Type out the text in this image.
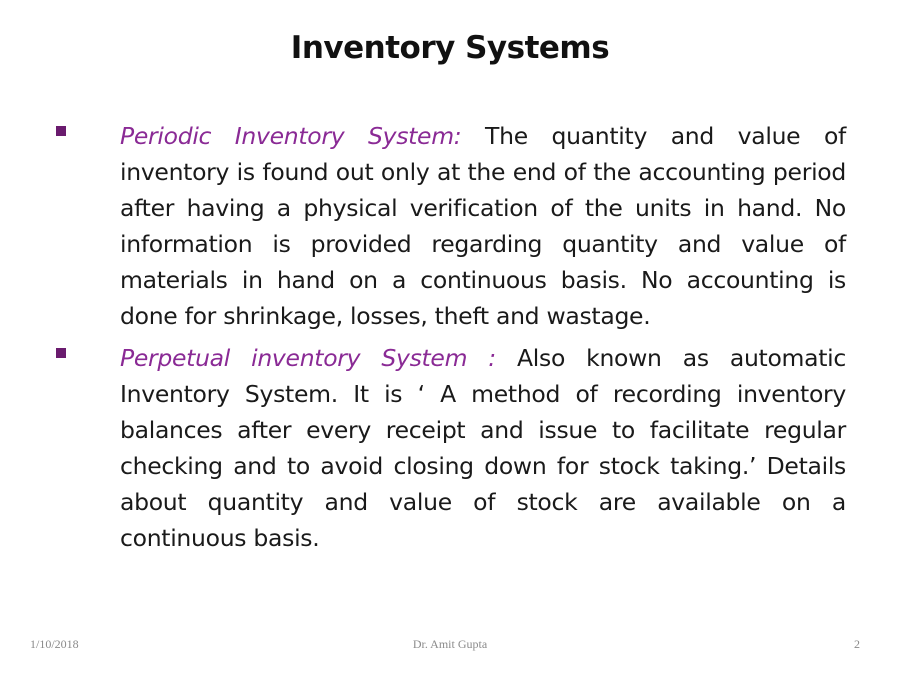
Inventory Systems
Periodic Inventory System: The quantity and value of inventory is found out only at the end of the accounting period after having a physical verification of the units in hand. No information is provided regarding quantity and value of materials in hand on a continuous basis. No accounting is done for shrinkage, losses, theft and wastage.
Perpetual inventory System : Also known as automatic Inventory System. It is ‘ A method of recording inventory balances after every receipt and issue to facilitate regular checking and to avoid closing down for stock taking.’ Details about quantity and value of stock are available on a continuous basis.
1/10/2018	Dr. Amit Gupta	2
